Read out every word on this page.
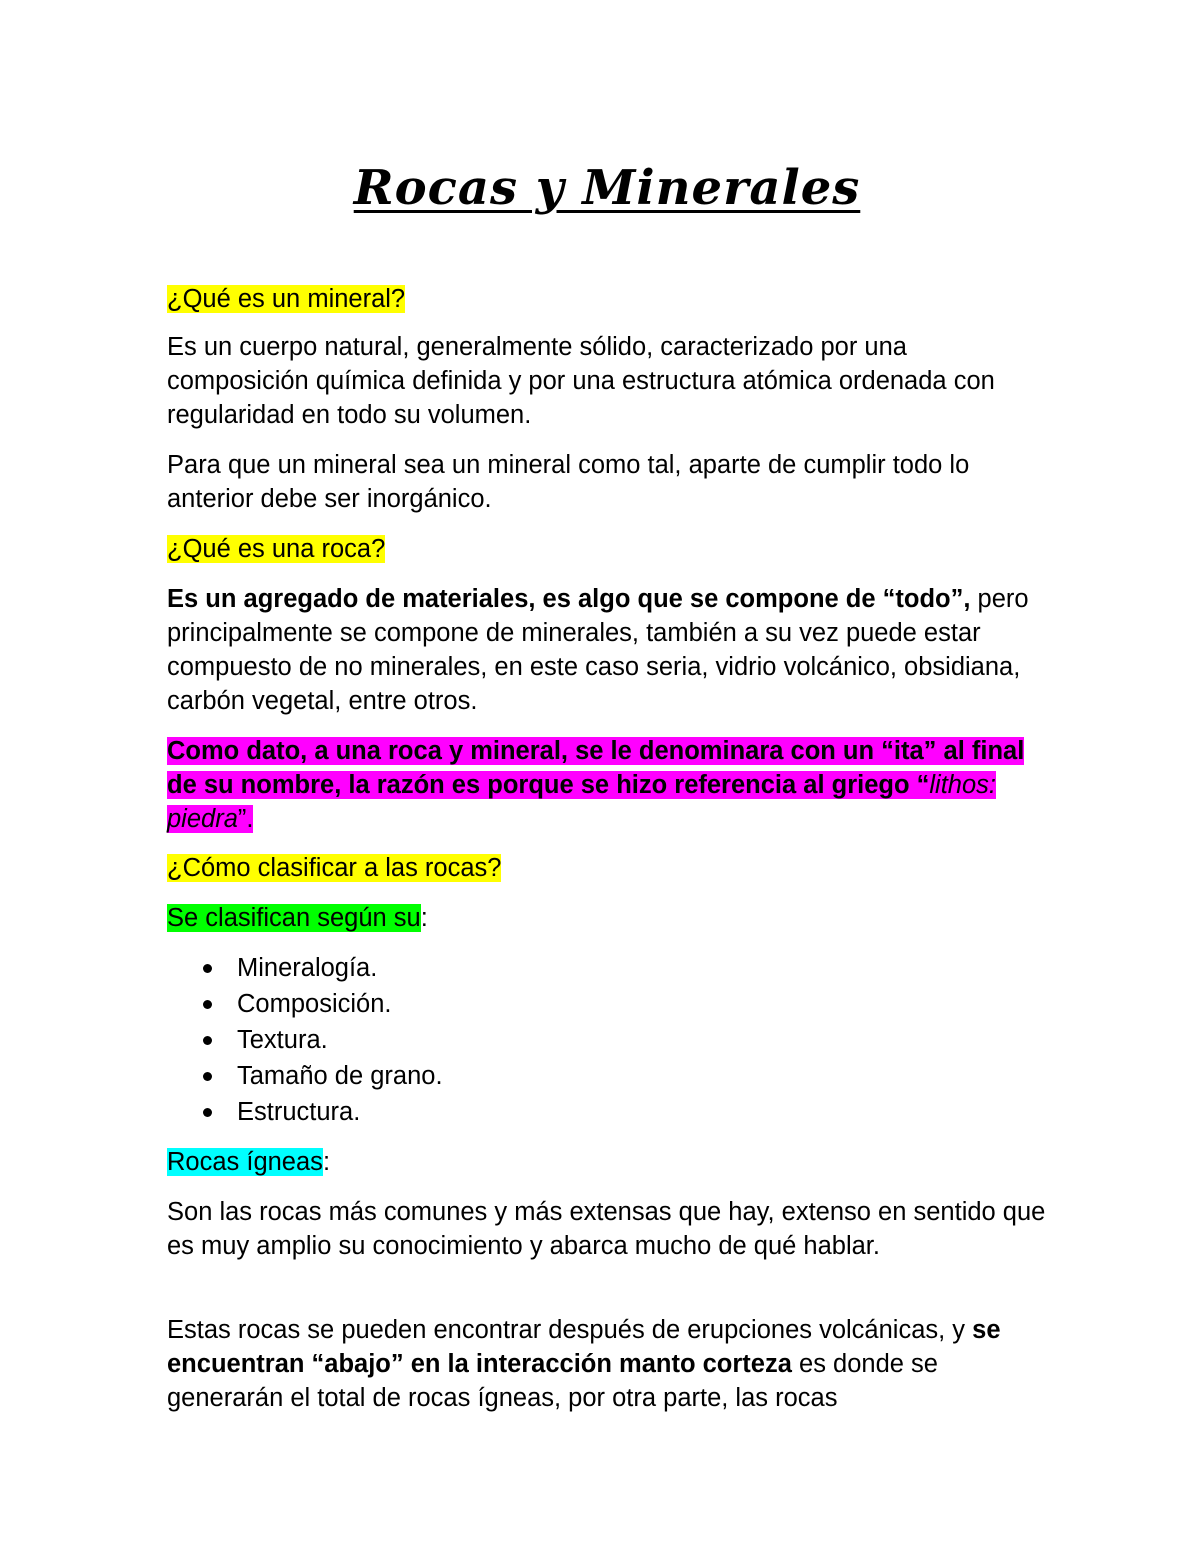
Rocas y Minerales

¿Qué es un mineral?

Es un cuerpo natural, generalmente sólido, caracterizado por una composición química definida y por una estructura atómica ordenada con regularidad en todo su volumen.

Para que un mineral sea un mineral como tal, aparte de cumplir todo lo anterior debe ser inorgánico.

¿Qué es una roca?

Es un agregado de materiales, es algo que se compone de “todo”, pero principalmente se compone de minerales, también a su vez puede estar compuesto de no minerales, en este caso seria, vidrio volcánico, obsidiana, carbón vegetal, entre otros.

Como dato, a una roca y mineral, se le denominara con un “ita” al final de su nombre, la razón es porque se hizo referencia al griego “lithos: piedra”.

¿Cómo clasificar a las rocas?

Se clasifican según su:

Mineralogía.
Composición.
Textura.
Tamaño de grano.
Estructura.

Rocas ígneas:

Son las rocas más comunes y más extensas que hay, extenso en sentido que es muy amplio su conocimiento y abarca mucho de qué hablar.

Estas rocas se pueden encontrar después de erupciones volcánicas, y se encuentran “abajo” en la interacción manto corteza es donde se generarán el total de rocas ígneas, por otra parte, las rocas
